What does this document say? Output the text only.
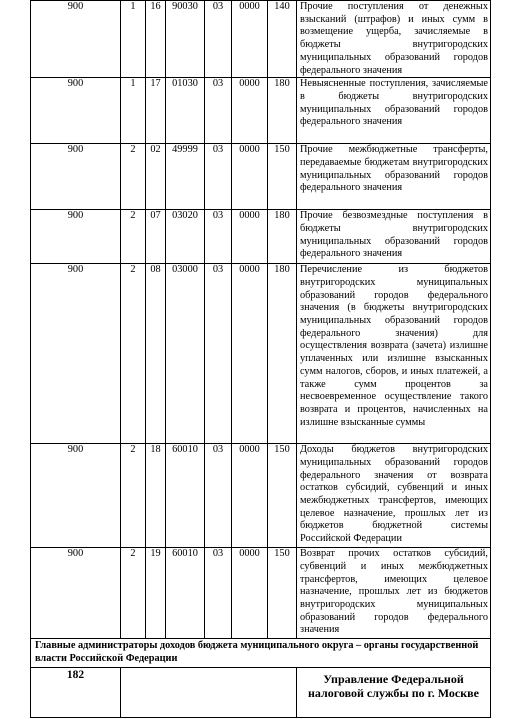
900	1	16	90030	03	0000	140	Прочие поступления от денежных взысканий (штрафов) и иных сумм в возмещение ущерба, зачисляемые в бюджеты внутригородских муниципальных образований городов федерального значения
900	1	17	01030	03	0000	180	Невыясненные поступления, зачисляемые в бюджеты внутригородских муниципальных образований городов федерального значения
900	2	02	49999	03	0000	150	Прочие межбюджетные трансферты, передаваемые бюджетам внутригородских муниципальных образований городов федерального значения
900	2	07	03020	03	0000	180	Прочие безвозмездные поступления в бюджеты внутригородских муниципальных образований городов федерального значения
900	2	08	03000	03	0000	180	Перечисление из бюджетов внутригородских муниципальных образований городов федерального значения (в бюджеты внутригородских муниципальных образований городов федерального значения) для осуществления возврата (зачета) излишне уплаченных или излишне взысканных сумм налогов, сборов, и иных платежей, а также сумм процентов за несвоевременное осуществление такого возврата и процентов, начисленных на излишне взысканные суммы
900	2	18	60010	03	0000	150	Доходы бюджетов внутригородских муниципальных образований городов федерального значения от возврата остатков субсидий, субвенций и иных межбюджетных трансфертов, имеющих целевое назначение, прошлых лет из бюджетов бюджетной системы Российской Федерации
900	2	19	60010	03	0000	150	Возврат прочих остатков субсидий, субвенций и иных межбюджетных трансфертов, имеющих целевое назначение, прошлых лет из бюджетов внутригородских муниципальных образований городов федерального значения
Главные администраторы доходов бюджета муниципального округа – органы государственной власти Российской Федерации							
182							Управление Федеральной налоговой службы по г. Москве
